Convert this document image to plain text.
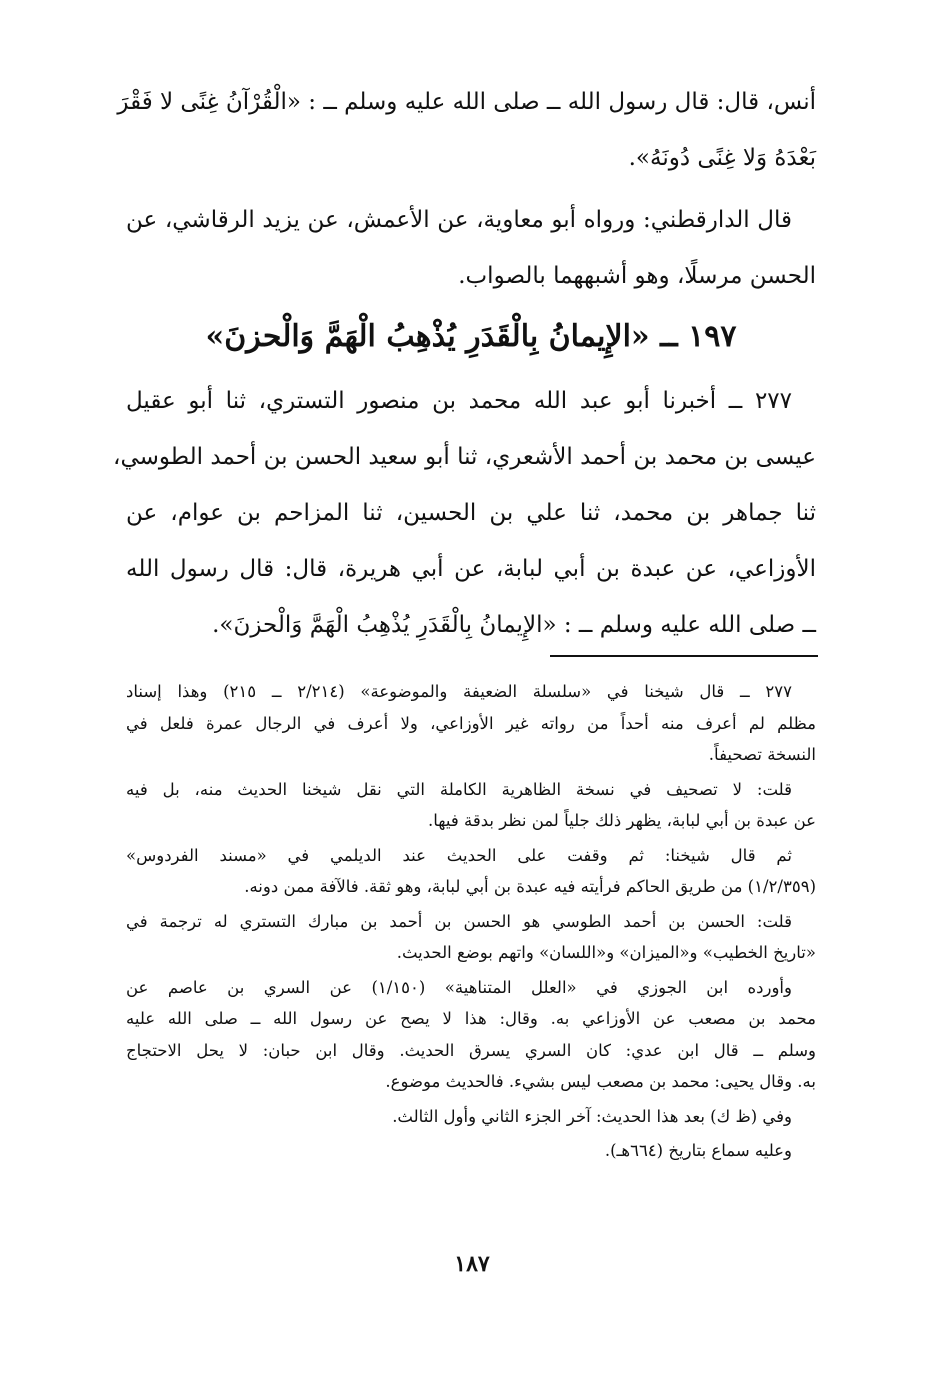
أنس، قال: قال رسول الله ــ صلى الله عليه وسلم ــ : «الْقُرْآنُ غِنًى لا فَقْرَ

بَعْدَهُ وَلا غِنًى دُونَهُ».

قال الدارقطني: ورواه أبو معاوية، عن الأعمش، عن يزيد الرقاشي، عن

الحسن مرسلًا، وهو أشبههما بالصواب.

١٩٧ ــ «الإِيمانُ بِالْقَدَرِ يُذْهِبُ الْهَمَّ وَالْحزنَ»

٢٧٧ ــ أخبرنا أبو عبد الله محمد بن منصور التستري، ثنا أبو عقيل

عيسى بن محمد بن أحمد الأشعري، ثنا أبو سعيد الحسن بن أحمد الطوسي،

ثنا جماهر بن محمد، ثنا علي بن الحسين، ثنا المزاحم بن عوام، عن

الأوزاعي، عن عبدة بن أبي لبابة، عن أبي هريرة، قال: قال رسول الله

ــ صلى الله عليه وسلم ــ : «الإِيمانُ بِالْقَدَرِ يُذْهِبُ الْهَمَّ وَالْحزنَ».

٢٧٧ ــ قال شيخنا في «سلسلة الضعيفة والموضوعة» (٢/٢١٤ ــ ٢١٥) وهذا إسناد

مظلم لم أعرف منه أحداً من رواته غير الأوزاعي، ولا أعرف في الرجال عمرة فلعل في

النسخة تصحيفاً.

قلت: لا تصحيف في نسخة الظاهرية الكاملة التي نقل شيخنا الحديث منه، بل فيه

عن عبدة بن أبي لبابة، يظهر ذلك جلياً لمن نظر بدقة فيها.

ثم قال شيخنا: ثم وقفت على الحديث عند الديلمي في «مسند الفردوس»

(١/٢/٣٥٩) من طريق الحاكم فرأيته فيه عبدة بن أبي لبابة، وهو ثقة. فالآفة ممن دونه.

قلت: الحسن بن أحمد الطوسي هو الحسن بن أحمد بن مبارك التستري له ترجمة في

«تاريخ الخطيب» و«الميزان» و«اللسان» واتهم بوضع الحديث.

وأورده ابن الجوزي في «العلل المتناهية» (١/١٥٠) عن السري بن عاصم عن

محمد بن مصعب عن الأوزاعي به. وقال: هذا لا يصح عن رسول الله ــ صلى الله عليه

وسلم ــ قال ابن عدي: كان السري يسرق الحديث. وقال ابن حبان: لا يحل الاحتجاج

به. وقال يحيى: محمد بن مصعب ليس بشيء. فالحديث موضوع.

وفي (ظ ك) بعد هذا الحديث: آخر الجزء الثاني وأول الثالث.

وعليه سماع بتاريخ (٦٦٤هـ).

١٨٧
